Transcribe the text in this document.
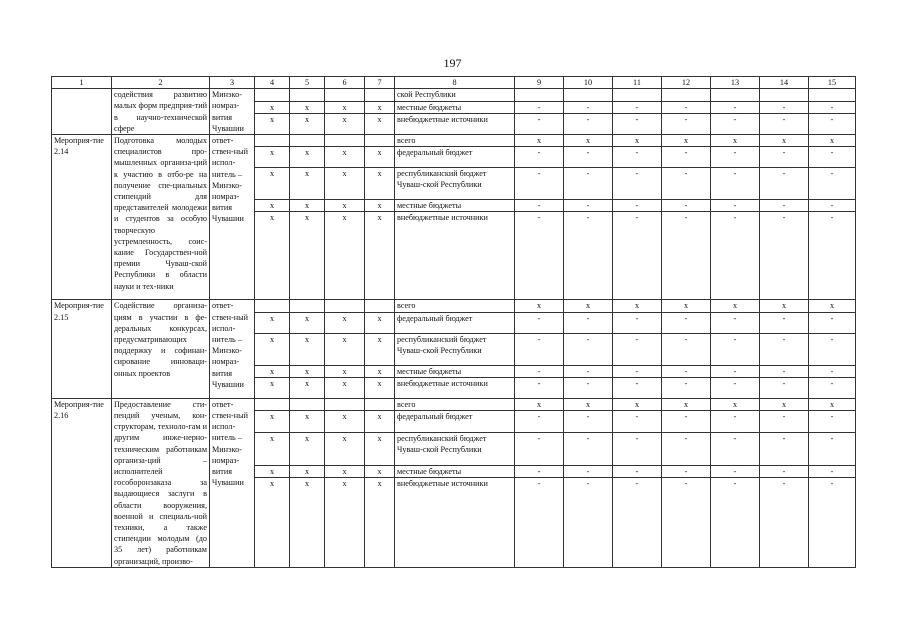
197
1	2	3	4	5	6	7	8	9	10	11	12	13	14	15
	содействия развитию малых форм предприя-тий в научно-технической сфере	Минэко-номраз-вития Чувашии					ской Республики							
			x	x	x	x	местные бюджеты	-	-	-	-	-	-	-
			x	x	x	x	внебюджетные источники	-	-	-	-	-	-	-
Мероприя-тие 2.14	Подготовка молодых специалистов про-мышленных организа-ций к участию в отбо-ре на получение спе-циальных стипендий для представителей молодежи и студентов за особую творческую устремленность, соис-кание Государствен-ной премии Чуваш-ской Республики в области науки и тех-ники	ответ-ствен-ный испол-нитель – Минэко-номраз-вития Чувашии					всего	x	x	x	x	x	x	x
			x	x	x	x	федеральный бюджет	-	-	-	-	-	-	-
			x	x	x	x	республиканский бюджет Чуваш-ской Республики	-	-	-	-	-	-	-
			x	x	x	x	местные бюджеты	-	-	-	-	-	-	-
			x	x	x	x	внебюджетные источники	-	-	-	-	-	-	-
Мероприя-тие 2.15	Содействие организа-циям в участии в фе-деральных конкурсах, предусматривающих поддержку и софинан-сирование инноваци-онных проектов	ответ-ствен-ный испол-нитель – Минэко-номраз-вития Чувашии					всего	x	x	x	x	x	x	x
			x	x	x	x	федеральный бюджет	-	-	-	-	-	-	-
			x	x	x	x	республиканский бюджет Чуваш-ской Республики	-	-	-	-	-	-	-
			x	x	x	x	местные бюджеты	-	-	-	-	-	-	-
			x	x	x	x	внебюджетные источники	-	-	-	-	-	-	-
Мероприя-тие 2.16	Предоставление сти-пендий ученым, кон-структорам, техноло-гам и другим инже-нерно-техническим работникам организа-ций – исполнителей гособоронзаказа за выдающиеся заслуги в области вооружения, военной и специаль-ной техники, а также стипендии молодым (до 35 лет) работникам организаций, произво-	ответ-ствен-ный испол-нитель – Минэко-номраз-вития Чувашии					всего	x	x	x	x	x	x	x
			x	x	x	x	федеральный бюджет	-	-	-	-	-	-	-
			x	x	x	x	республиканский бюджет Чуваш-ской Республики	-	-	-	-	-	-	-
			x	x	x	x	местные бюджеты	-	-	-	-	-	-	-
			x	x	x	x	внебюджетные источники	-	-	-	-	-	-	-
